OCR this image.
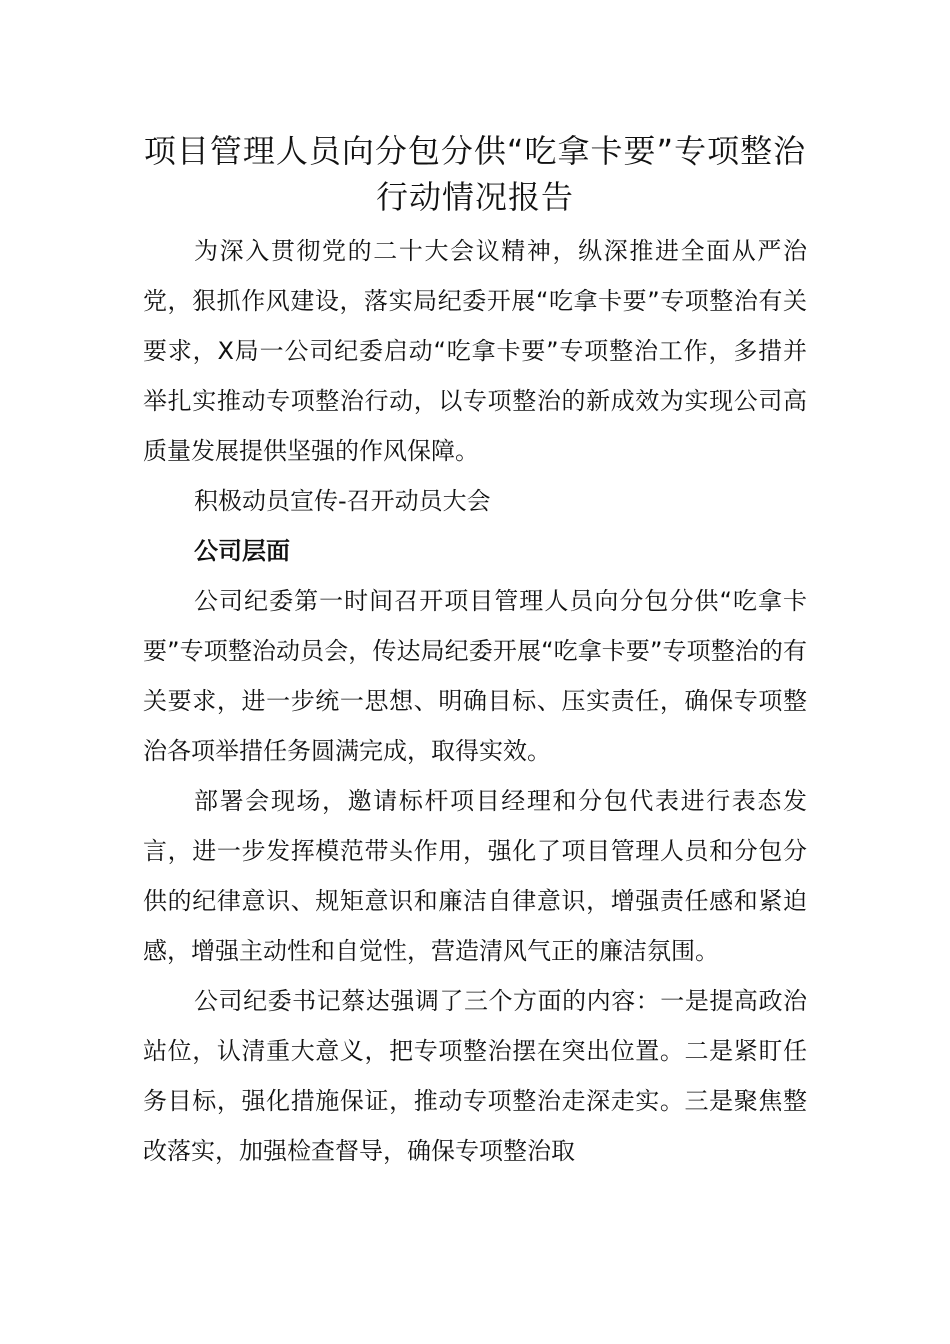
项目管理人员向分包分供“吃拿卡要”专项整治行动情况报告

为深入贯彻党的二十大会议精神，纵深推进全面从严治党，狠抓作风建设，落实局纪委开展“吃拿卡要”专项整治有关要求，X局一公司纪委启动“吃拿卡要”专项整治工作，多措并举扎实推动专项整治行动，以专项整治的新成效为实现公司高质量发展提供坚强的作风保障。

积极动员宣传-召开动员大会

公司层面

公司纪委第一时间召开项目管理人员向分包分供“吃拿卡要”专项整治动员会，传达局纪委开展“吃拿卡要”专项整治的有关要求，进一步统一思想、明确目标、压实责任，确保专项整治各项举措任务圆满完成，取得实效。

部署会现场，邀请标杆项目经理和分包代表进行表态发言，进一步发挥模范带头作用，强化了项目管理人员和分包分供的纪律意识、规矩意识和廉洁自律意识，增强责任感和紧迫感，增强主动性和自觉性，营造清风气正的廉洁氛围。

公司纪委书记蔡达强调了三个方面的内容：一是提高政治站位，认清重大意义，把专项整治摆在突出位置。二是紧盯任务目标，强化措施保证，推动专项整治走深走实。三是聚焦整改落实，加强检查督导，确保专项整治取
